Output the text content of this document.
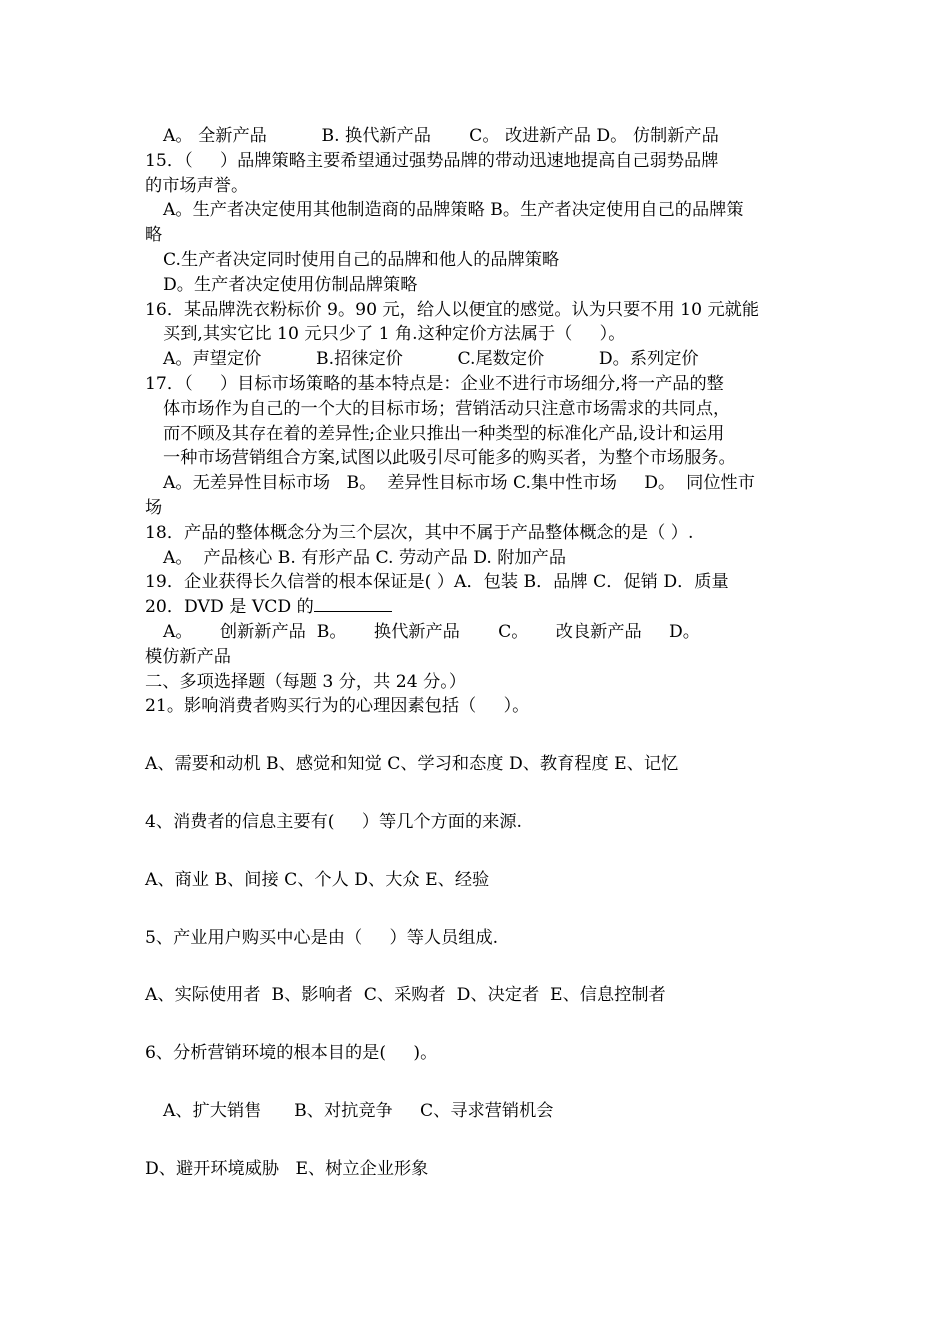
A。 全新产品          B. 换代新产品       C。 改进新产品 D。 仿制新产品
15．（     ）品牌策略主要希望通过强势品牌的带动迅速地提高自己弱势品牌
的市场声誉。
A。生产者决定使用其他制造商的品牌策略 B。生产者决定使用自己的品牌策
略
C.生产者决定同时使用自己的品牌和他人的品牌策略
D。生产者决定使用仿制品牌策略
16．某品牌洗衣粉标价 9。90 元，给人以便宜的感觉。认为只要不用 10 元就能
买到,其实它比 10 元只少了 1 角.这种定价方法属于（     ）。
A。声望定价          B.招徕定价          C.尾数定价          D。系列定价
17．（     ）目标市场策略的基本特点是：企业不进行市场细分,将一产品的整
体市场作为自己的一个大的目标市场；营销活动只注意市场需求的共同点，
而不顾及其存在着的差异性;企业只推出一种类型的标准化产品,设计和运用
一种市场营销组合方案,试图以此吸引尽可能多的购买者，为整个市场服务。
A。无差异性目标市场   B。  差异性目标市场 C.集中性市场     D。  同位性市
场
18．产品的整体概念分为三个层次，其中不属于产品整体概念的是（ ）.
A。  产品核心 B. 有形产品 C. 劳动产品 D. 附加产品
19．企业获得长久信誉的根本保证是( ）A．包装 B．品牌 C．促销 D．质量
20．DVD 是 VCD 的
A。     创新新产品  B。     换代新产品       C。     改良新产品     D。
模仿新产品
二、多项选择题（每题 3 分，共 24 分。）
21。影响消费者购买行为的心理因素包括（     ）。
A、需要和动机 B、感觉和知觉 C、学习和态度 D、教育程度 E、记忆
4、消费者的信息主要有(     ）等几个方面的来源.
A、商业 B、间接 C、个人 D、大众 E、经验
5、产业用户购买中心是由（     ）等人员组成.
A、实际使用者  B、影响者  C、采购者  D、决定者  E、信息控制者
6、分析营销环境的根本目的是(     )。
A、扩大销售      B、对抗竞争     C、寻求营销机会
D、避开环境威胁   E、树立企业形象
